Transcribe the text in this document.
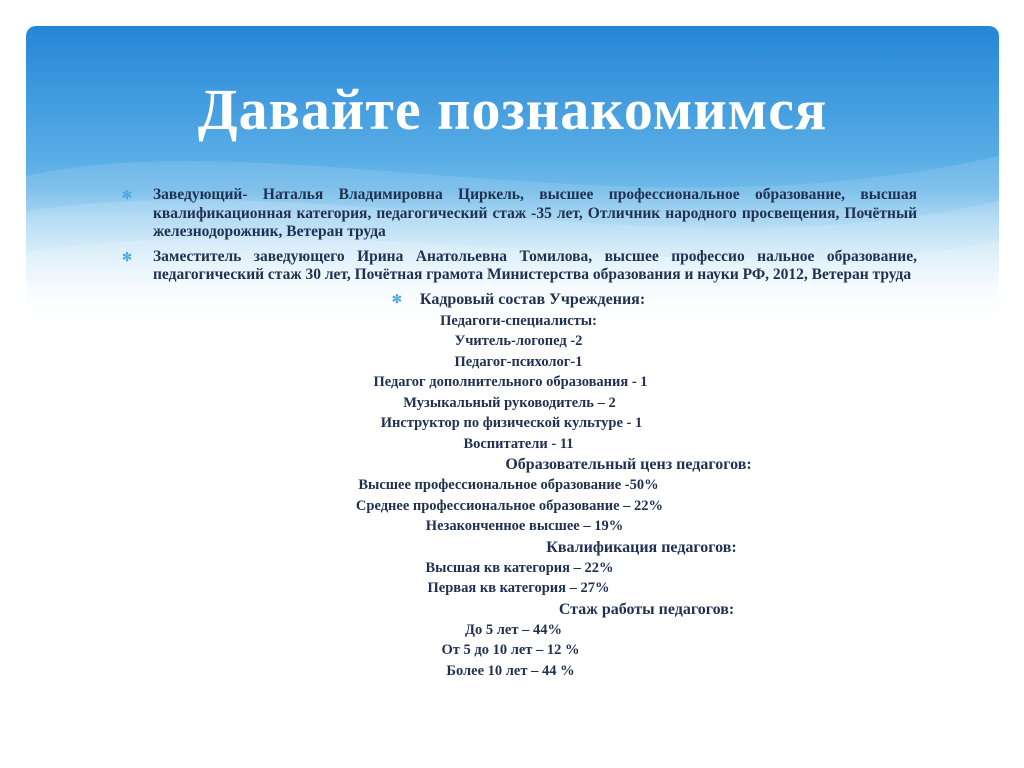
Давайте познакомимся
✻ Заведующий- Наталья Владимировна Циркель, высшее профессиональное образование, высшая квалификационная категория, педагогический стаж -35 лет, Отличник народного просвещения, Почётный железнодорожник, Ветеран труда
✻ Заместитель заведующего Ирина Анатольевна Томилова, высшее профессио нальное образование, педагогический стаж 30 лет, Почётная грамота Министерства образования и науки РФ, 2012, Ветеран труда
✻ Кадровый состав Учреждения:
Педагоги-специалисты:
Учитель-логопед -2
Педагог-психолог-1
Педагог дополнительного образования - 1
Музыкальный руководитель – 2
Инструктор по физической культуре - 1
Воспитатели - 11
Образовательный ценз педагогов:
Высшее профессиональное образование -50%
Среднее профессиональное образование – 22%
Незаконченное высшее – 19%
Квалификация педагогов:
Высшая кв категория – 22%
Первая кв категория – 27%
Стаж работы педагогов:
До 5 лет – 44%
От 5 до 10 лет – 12 %
Более 10 лет – 44 %
